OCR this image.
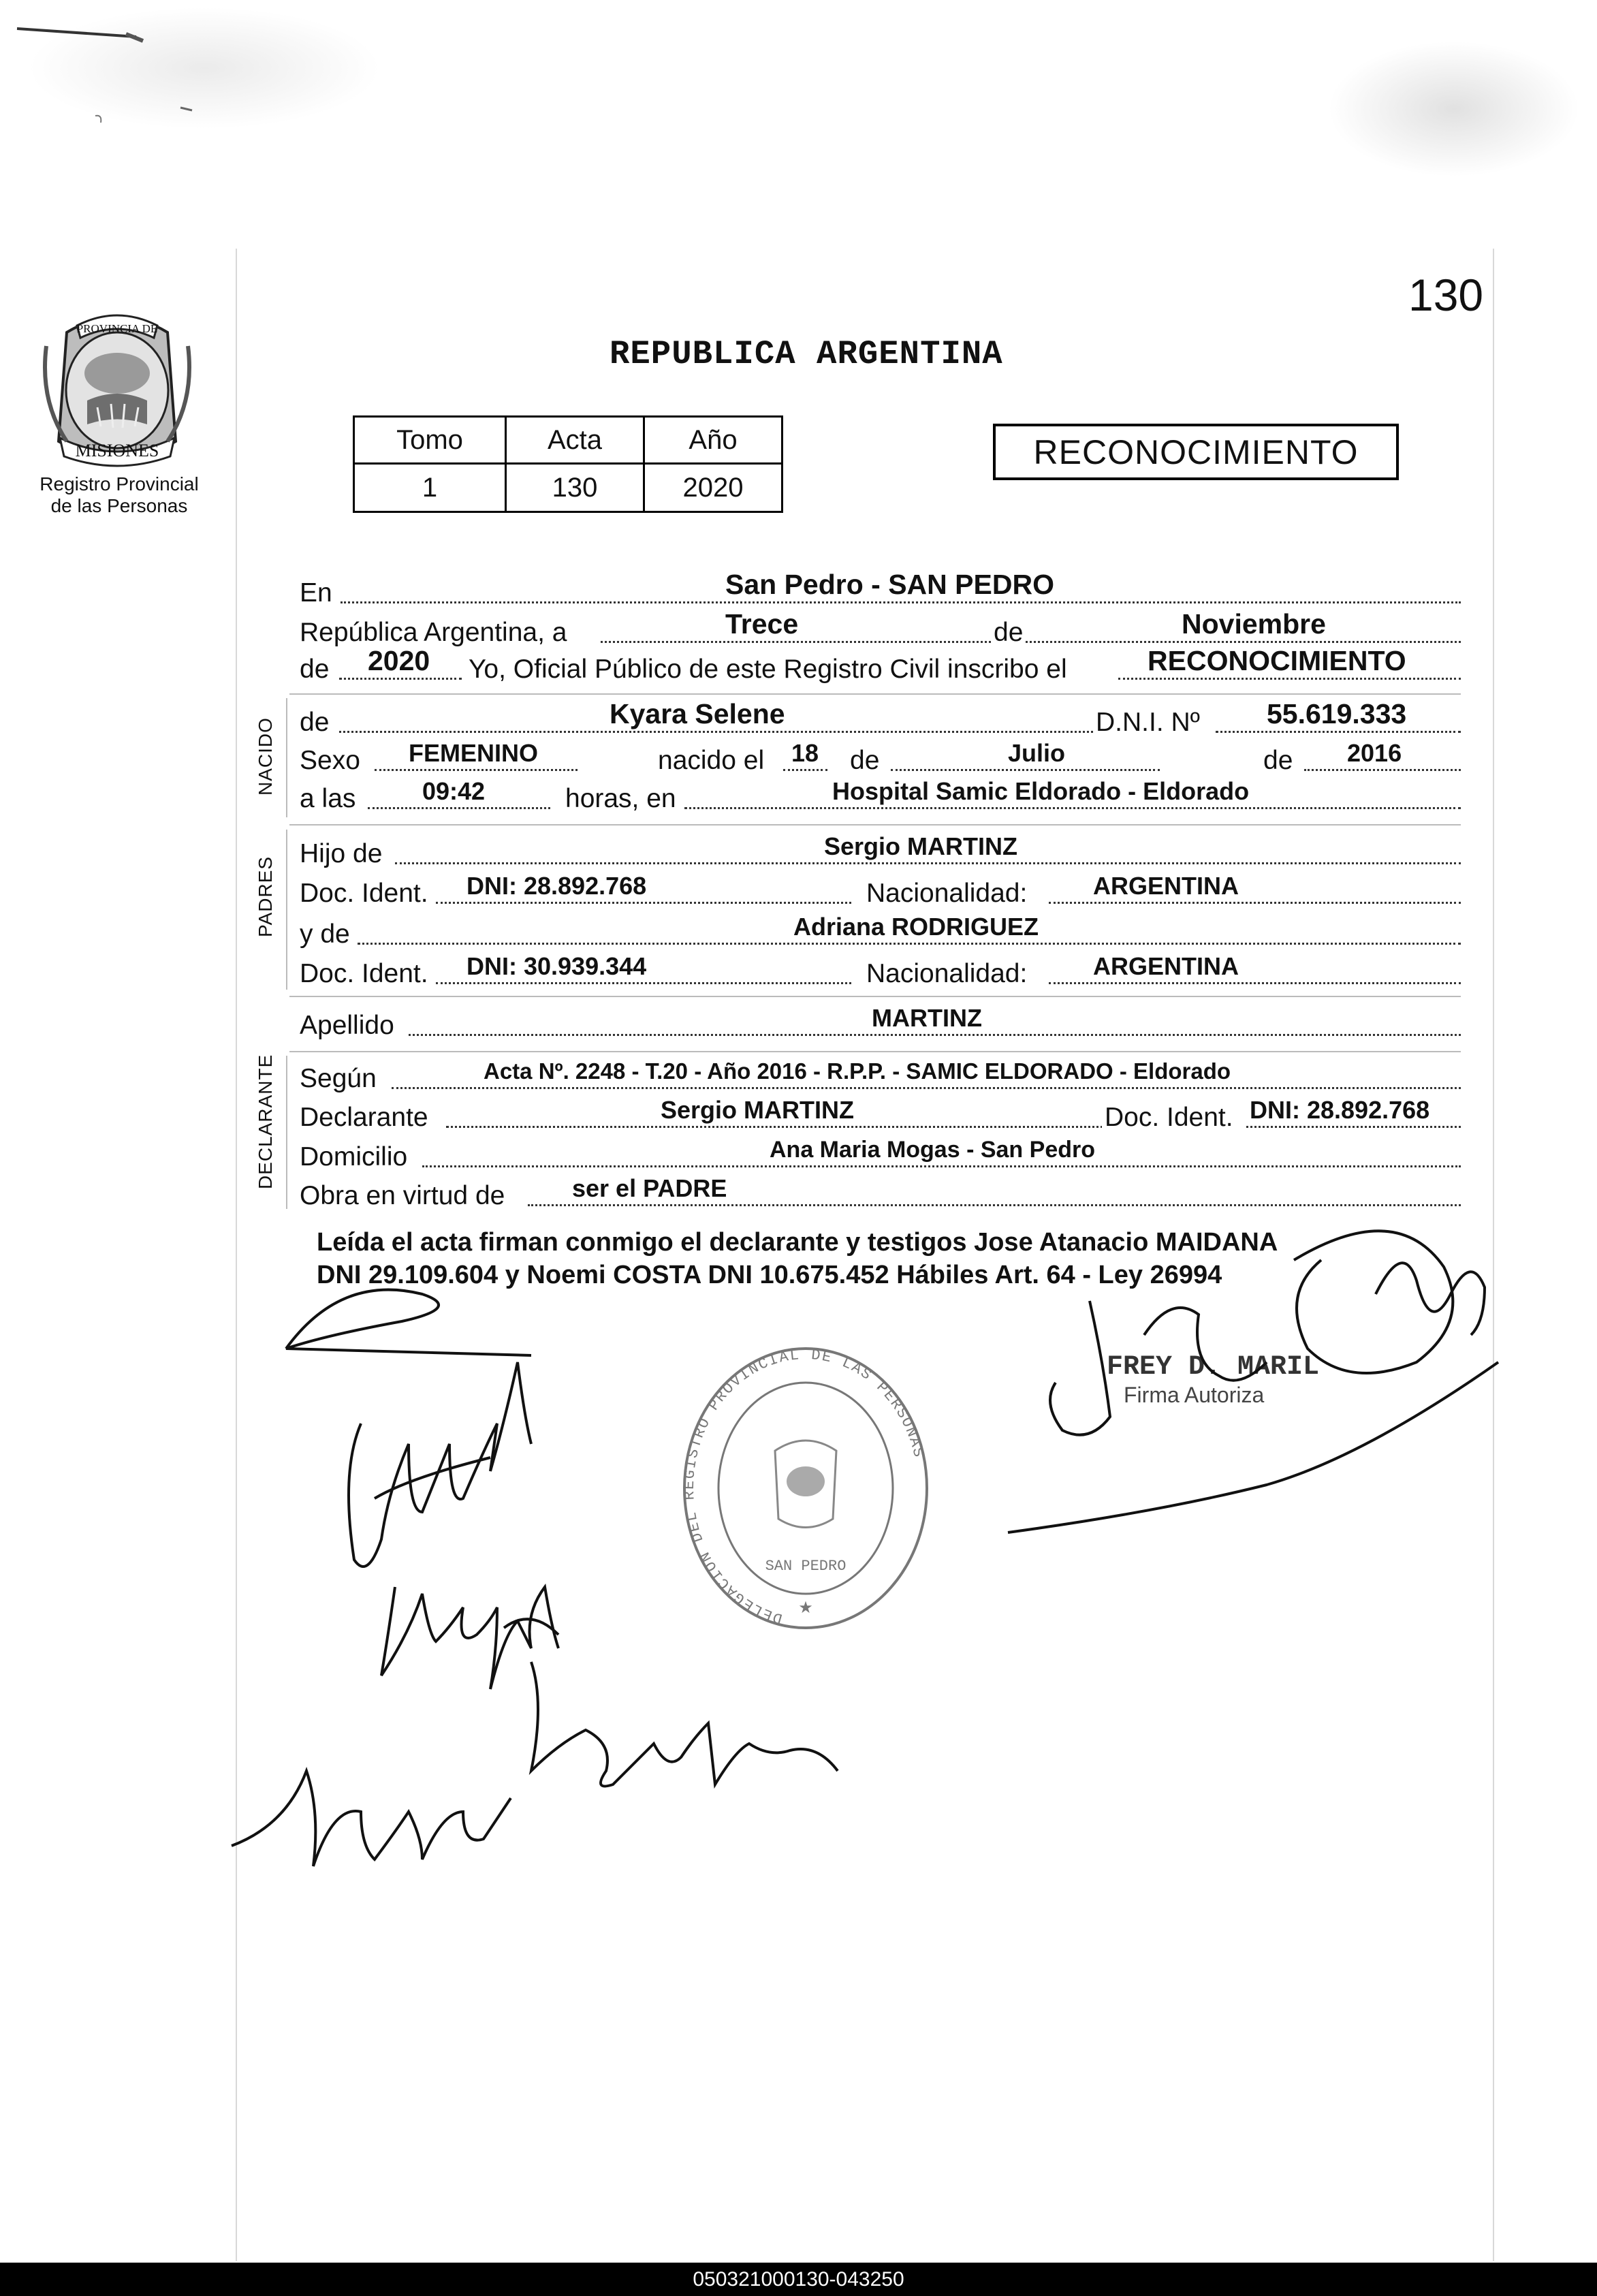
130
MISIONES
PROVINCIA DE
Registro Provincial
de las Personas
REPUBLICA ARGENTINA
Tomo	Acta	Año
1	130	2020
RECONOCIMIENTO
En	San Pedro - SAN PEDRO
República Argentina, a	Trece	de	Noviembre
de 2020 Yo, Oficial Público de este Registro Civil inscribo el	RECONOCIMIENTO
NACIDO de	Kyara Selene	D.N.I. Nº 55.619.333
Sexo FEMENINO	nacido el 18 de	Julio	de 2016
a las	09:42	horas, en	Hospital Samic Eldorado - Eldorado
PADRES
Hijo de	Sergio MARTINZ
Doc. Ident. DNI: 28.892.768	Nacionalidad:	ARGENTINA
y de	Adriana RODRIGUEZ
Doc. Ident. DNI: 30.939.344	Nacionalidad:	ARGENTINA
Apellido	MARTINZ
DECLARANTE Según	Acta Nº. 2248 - T.20 - Año 2016 - R.P.P. - SAMIC ELDORADO - Eldorado
Declarante	Sergio MARTINZ	Doc. Ident. DNI: 28.892.768
Domicilio	Ana Maria Mogas - San Pedro
Obra en virtud de	ser el PADRE
Leída el acta firman conmigo el declarante y testigos Jose Atanacio MAIDANA
DNI 29.109.604 y Noemi COSTA DNI 10.675.452 Hábiles Art. 64 - Ley 26994
DELEGACION DEL REGISTRO PROVINCIAL DE LAS PERSONAS
SAN PEDRO
★
FREY D. MARIL
Firma Autoriza
050321000130-043250
